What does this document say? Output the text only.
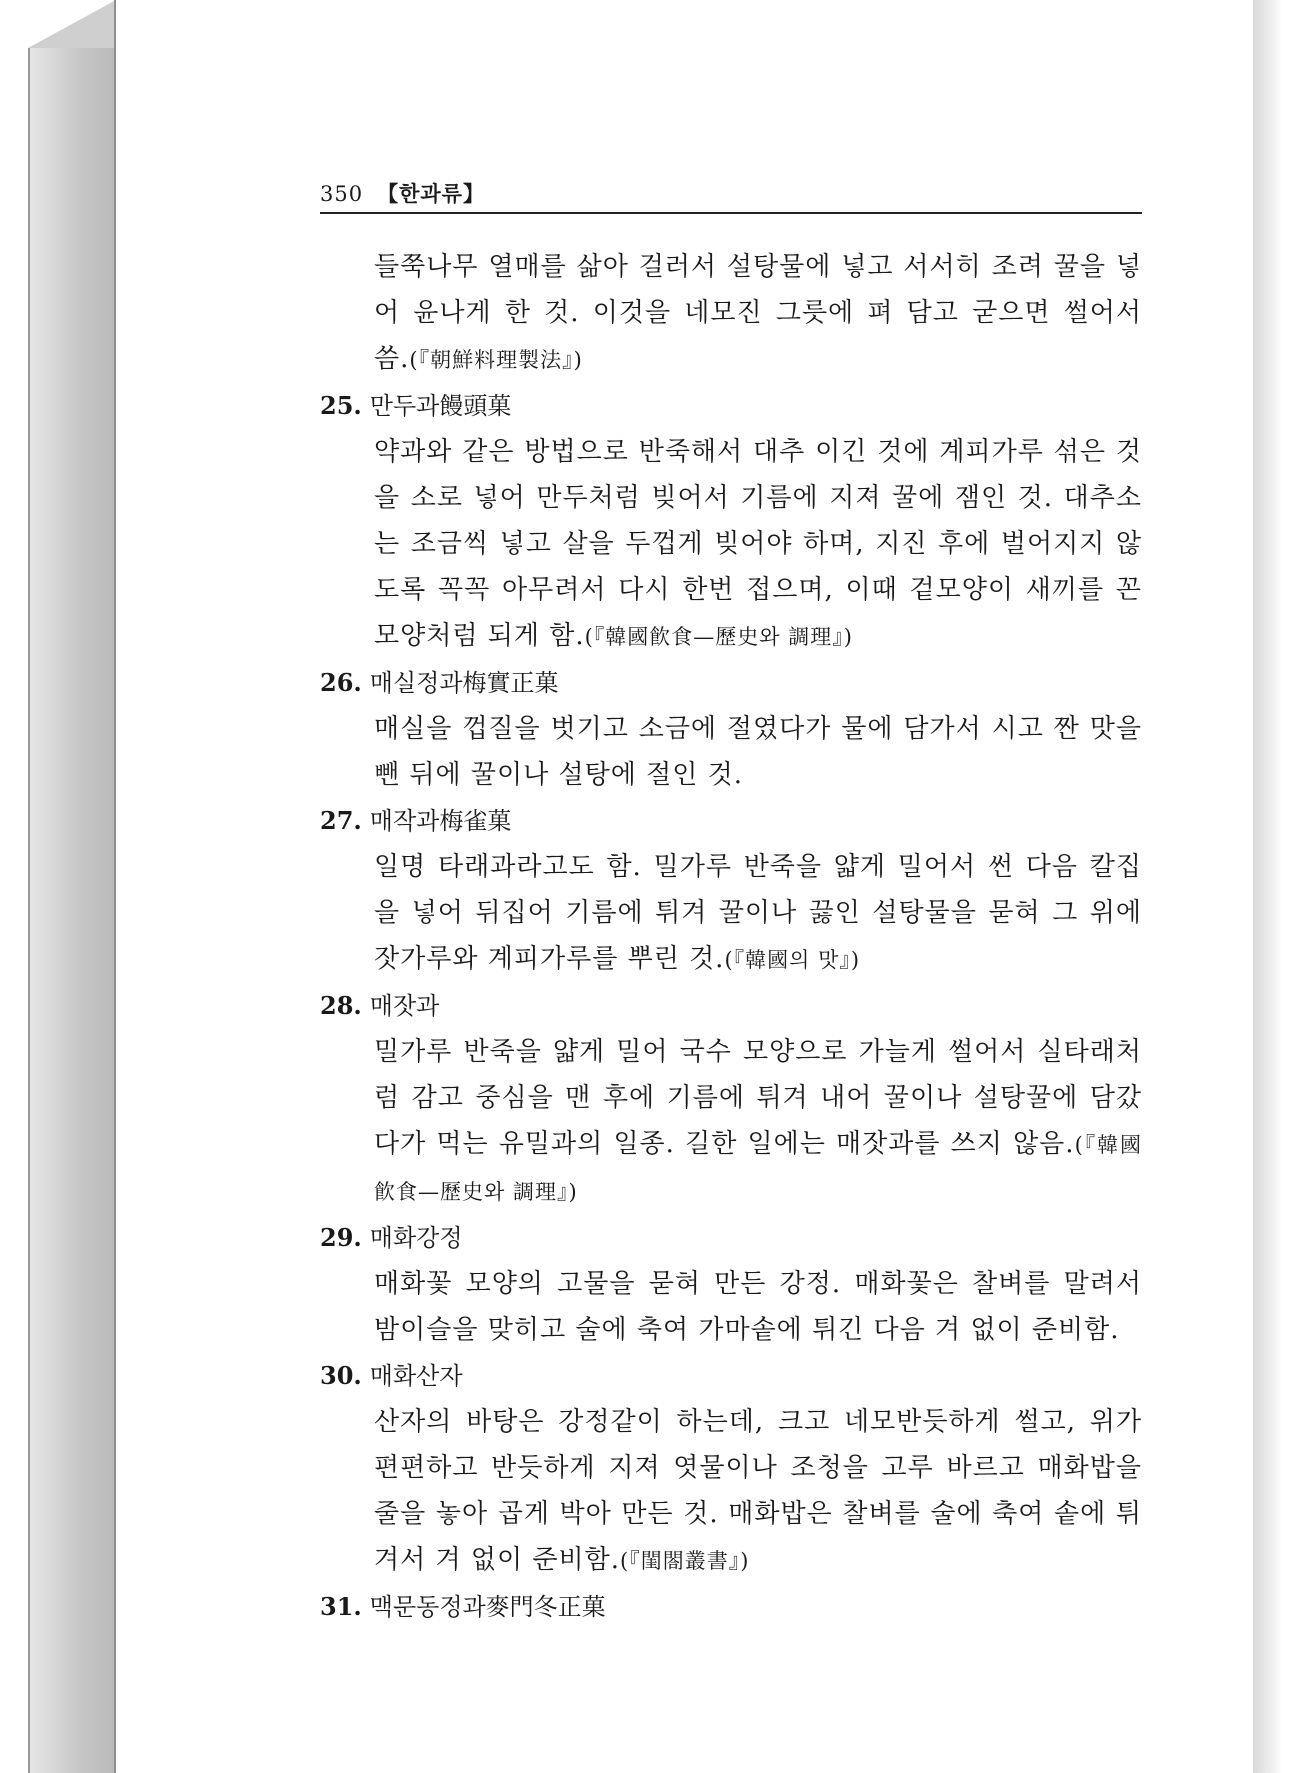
350 【한과류】

들쭉나무 열매를 삶아 걸러서 설탕물에 넣고 서서히 조려 꿀을 넣어 윤나게 한 것. 이것을 네모진 그릇에 펴 담고 굳으면 썰어서 씀.(『朝鮮料理製法』)

25. 만두과饅頭菓

약과와 같은 방법으로 반죽해서 대추 이긴 것에 계피가루 섞은 것을 소로 넣어 만두처럼 빚어서 기름에 지져 꿀에 잼인 것. 대추소는 조금씩 넣고 살을 두껍게 빚어야 하며, 지진 후에 벌어지지 않도록 꼭꼭 아무려서 다시 한번 접으며, 이때 겉모양이 새끼를 꼰 모양처럼 되게 함.(『韓國飮食—歷史와 調理』)

26. 매실정과梅實正菓

매실을 껍질을 벗기고 소금에 절였다가 물에 담가서 시고 짠 맛을 뺀 뒤에 꿀이나 설탕에 절인 것.

27. 매작과梅雀菓

일명 타래과라고도 함. 밀가루 반죽을 얇게 밀어서 썬 다음 칼집을 넣어 뒤집어 기름에 튀겨 꿀이나 끓인 설탕물을 묻혀 그 위에 잣가루와 계피가루를 뿌린 것.(『韓國의 맛』)

28. 매잣과

밀가루 반죽을 얇게 밀어 국수 모양으로 가늘게 썰어서 실타래처럼 감고 중심을 맨 후에 기름에 튀겨 내어 꿀이나 설탕꿀에 담갔다가 먹는 유밀과의 일종. 길한 일에는 매잣과를 쓰지 않음.(『韓國飮食—歷史와 調理』)

29. 매화강정

매화꽃 모양의 고물을 묻혀 만든 강정. 매화꽃은 찰벼를 말려서 밤이슬을 맞히고 술에 축여 가마솥에 튀긴 다음 겨 없이 준비함.

30. 매화산자

산자의 바탕은 강정같이 하는데, 크고 네모반듯하게 썰고, 위가 편편하고 반듯하게 지져 엿물이나 조청을 고루 바르고 매화밥을 줄을 놓아 곱게 박아 만든 것. 매화밥은 찰벼를 술에 축여 솥에 튀겨서 겨 없이 준비함.(『閨閤叢書』)

31. 맥문동정과麥門冬正菓
